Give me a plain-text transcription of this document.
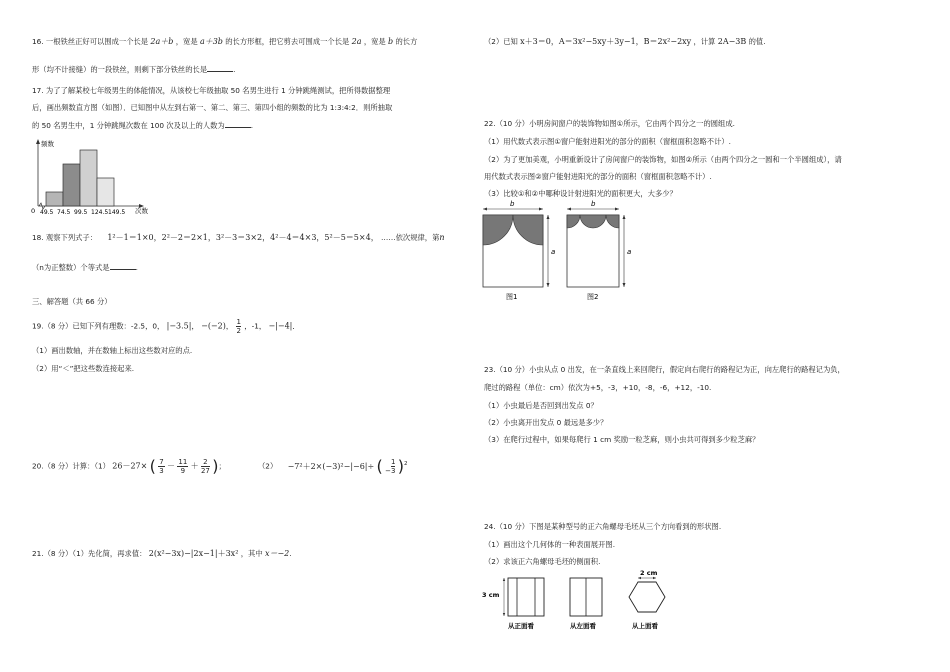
16. 一根铁丝正好可以围成一个长是 2a＋b ，宽是 a＋3b 的长方形框，把它剪去可围成一个长是 2a ，宽是 b 的长方
形（均不计接缝）的一段铁丝，则剩下部分铁丝的长是	.
17. 为了了解某校七年级男生的体能情况，从该校七年级抽取 50 名男生进行 1 分钟跳绳测试，把所得数据整理
后，画出频数直方图（如图）．已知图中从左到右第一、第二、第三、第四小组的频数的比为 1:3:4:2．则所抽取
的 50 名男生中，1 分钟跳绳次数在 100 次及以上的人数为	.
频数
次数
0 49.5 74.5 99.5 124.5 149.5
18. 观察下列式子： 1²－1＝1×0，2²－2＝2×1，3²－3＝3×2，4²－4＝4×3，5²－5＝5×4， ……依次规律，第n
（n为正整数）个等式是	.
三、解答题（共 66 分）
19.（8 分）已知下列有理数：-2.5，0， |−3.5|， −(−2)， $\frac{1}{2}$ ，-1， −|−4|．
（1）画出数轴，并在数轴上标出这些数对应的点.
（2）用“＜”把这些数连接起来.
20.（8 分）计算：（1） 26－27× ( $\frac{7}{3} - \frac{11}{9} + \frac{2}{27}$ )；	（2） −7²＋2×(−3)²−|−6|÷ ( − $\frac{1}{3} )^2$
21.（8 分）（1）先化简，再求值： 2(x²−3x)−|2x−1|＋3x² ，其中 x＝−2.
（2）已知 x＋3＝0，A＝3x²−5xy＋3y−1，B＝2x²−2xy ，计算 2A−3B 的值.
22.（10 分）小明房间窗户的装饰物如图①所示，它由两个四分之一的圆组成.
（1）用代数式表示图①窗户能射进阳光的部分的面积（窗框面积忽略不计）.
（2）为了更加美观，小明重新设计了房间窗户的装饰物，如图②所示（由两个四分之一圆和一个半圆组成），请
用代数式表示图②窗户能射进阳光的部分的面积（窗框面积忽略不计）.
（3）比较①和②中哪种设计射进阳光的面积更大，大多少？
b
a
图1
b
a
图2
23.（10 分）小虫从点 0 出发，在一条直线上来回爬行，假定向右爬行的路程记为正，向左爬行的路程记为负，
爬过的路程（单位：cm）依次为+5，-3，+10，-8，-6，+12，-10.
（1）小虫最后是否回到出发点 0？
（2）小虫离开出发点 0 最远是多少？
（3）在爬行过程中，如果每爬行 1 cm 奖励一粒芝麻，则小虫共可得到多少粒芝麻？
24.（10 分）下图是某种型号的正六角螺母毛坯从三个方向看到的形状图.
（1）画出这个几何体的一种表面展开图.
（2）求该正六角螺母毛坯的侧面积.
3 cm
从正面看	从左面看
2 cm
从上面看
